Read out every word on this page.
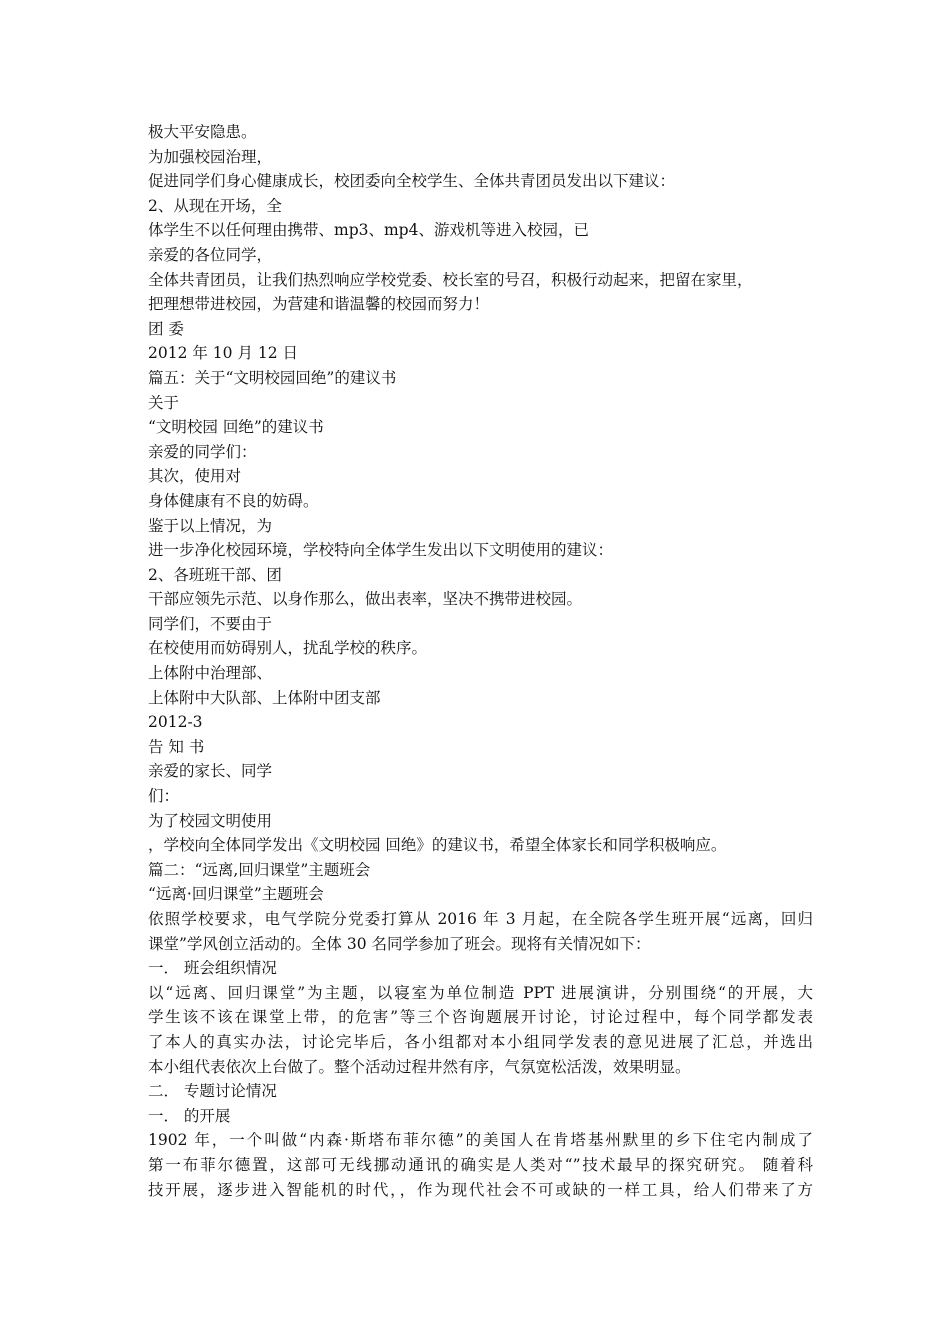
极大平安隐患。
为加强校园治理，
促进同学们身心健康成长，校团委向全校学生、全体共青团员发出以下建议：
2、从现在开场，全
体学生不以任何理由携带、mp3、mp4、游戏机等进入校园，已
亲爱的各位同学，
全体共青团员，让我们热烈响应学校党委、校长室的号召，积极行动起来，把留在家里，
把理想带进校园，为营建和谐温馨的校园而努力！
团 委
2012 年 10 月 12 日
篇五：关于“文明校园回绝”的建议书
关于
“文明校园 回绝”的建议书
亲爱的同学们：
其次，使用对
身体健康有不良的妨碍。
鉴于以上情况，为
进一步净化校园环境，学校特向全体学生发出以下文明使用的建议：
2、各班班干部、团
干部应领先示范、以身作那么，做出表率，坚决不携带进校园。
同学们，不要由于
在校使用而妨碍别人，扰乱学校的秩序。
上体附中治理部、
上体附中大队部、上体附中团支部
2012-3
告 知 书
亲爱的家长、同学
们：
为了校园文明使用
，学校向全体同学发出《文明校园 回绝》的建议书，希望全体家长和同学积极响应。
篇二：“远离,回归课堂”主题班会
“远离·回归课堂”主题班会
依照学校要求，电气学院分党委打算从 2016 年 3 月起，在全院各学生班开展“远离，回归
课堂”学风创立活动的。全体 30 名同学参加了班会。现将有关情况如下：
一． 班会组织情况
以“远离、回归课堂”为主题，以寝室为单位制造 PPT 进展演讲，分别围绕“的开展，大
学生该不该在课堂上带，的危害”等三个咨询题展开讨论，讨论过程中，每个同学都发表
了本人的真实办法，讨论完毕后，各小组都对本小组同学发表的意见进展了汇总，并选出
本小组代表依次上台做了。整个活动过程井然有序，气氛宽松活泼，效果明显。
二． 专题讨论情况
一． 的开展
1902 年，一个叫做“内森·斯塔布菲尔德”的美国人在肯塔基州默里的乡下住宅内制成了
第一布菲尔德置，这部可无线挪动通讯的确实是人类对“”技术最早的探究研究。 随着科
技开展，逐步进入智能机的时代，，作为现代社会不可或缺的一样工具，给人们带来了方
